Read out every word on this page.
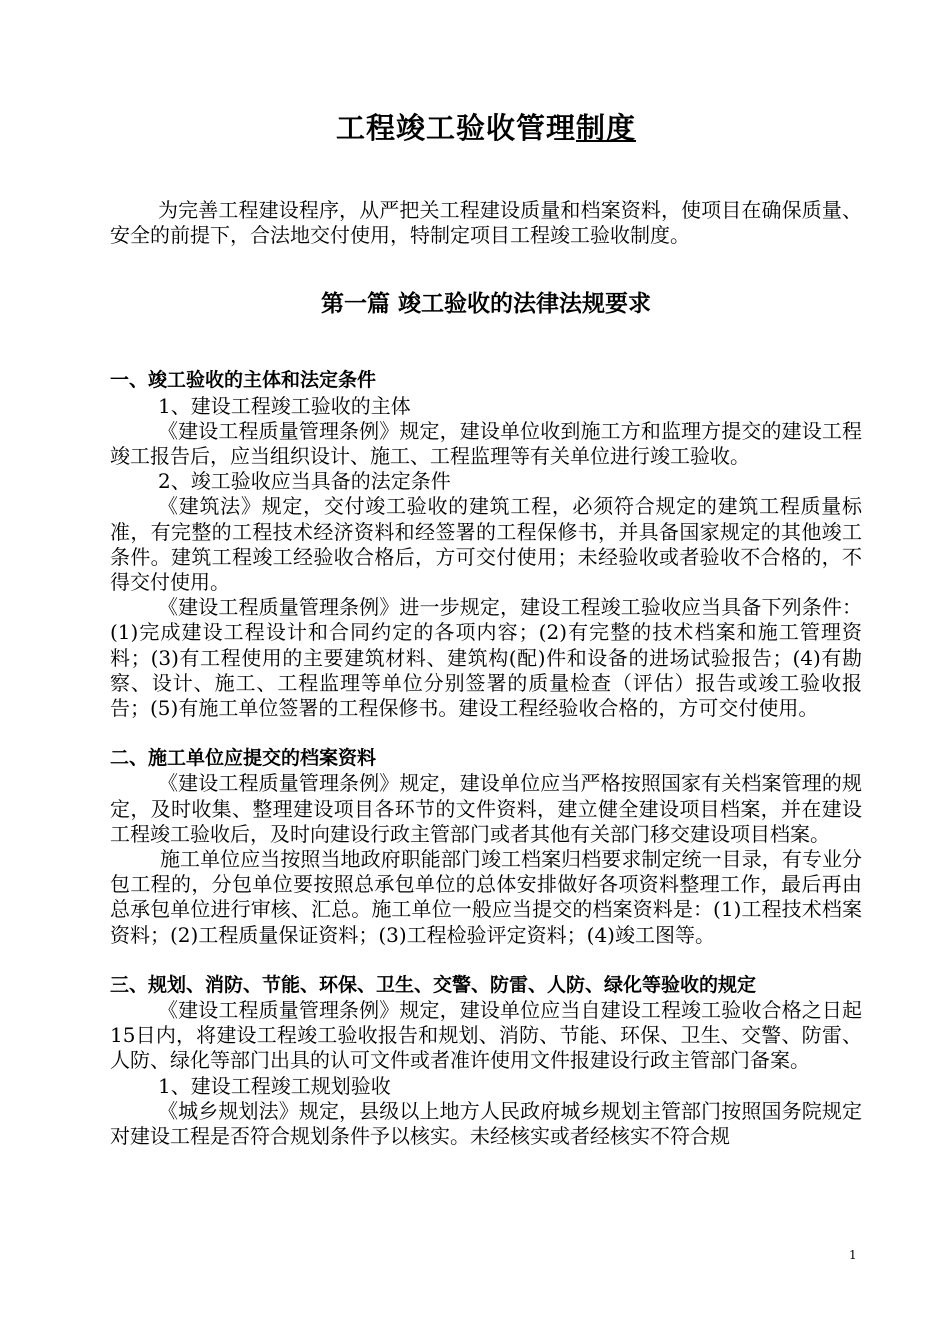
工程竣工验收管理制度

为完善工程建设程序，从严把关工程建设质量和档案资料，使项目在确保质量、安全的前提下，合法地交付使用，特制定项目工程竣工验收制度。

第一篇 竣工验收的法律法规要求
一、竣工验收的主体和法定条件

1、建设工程竣工验收的主体

《建设工程质量管理条例》规定，建设单位收到施工方和监理方提交的建设工程竣工报告后，应当组织设计、施工、工程监理等有关单位进行竣工验收。

2、竣工验收应当具备的法定条件

《建筑法》规定，交付竣工验收的建筑工程，必须符合规定的建筑工程质量标准，有完整的工程技术经济资料和经签署的工程保修书，并具备国家规定的其他竣工条件。建筑工程竣工经验收合格后，方可交付使用；未经验收或者验收不合格的，不得交付使用。

《建设工程质量管理条例》进一步规定，建设工程竣工验收应当具备下列条件：(1)完成建设工程设计和合同约定的各项内容；(2)有完整的技术档案和施工管理资料；(3)有工程使用的主要建筑材料、建筑构(配)件和设备的进场试验报告；(4)有勘察、设计、施工、工程监理等单位分别签署的质量检查（评估）报告或竣工验收报告；(5)有施工单位签署的工程保修书。建设工程经验收合格的，方可交付使用。

二、施工单位应提交的档案资料

《建设工程质量管理条例》规定，建设单位应当严格按照国家有关档案管理的规定，及时收集、整理建设项目各环节的文件资料，建立健全建设项目档案，并在建设工程竣工验收后，及时向建设行政主管部门或者其他有关部门移交建设项目档案。

施工单位应当按照当地政府职能部门竣工档案归档要求制定统一目录，有专业分包工程的，分包单位要按照总承包单位的总体安排做好各项资料整理工作，最后再由总承包单位进行审核、汇总。施工单位一般应当提交的档案资料是：(1)工程技术档案资料；(2)工程质量保证资料；(3)工程检验评定资料；(4)竣工图等。

三、规划、消防、节能、环保、卫生、交警、防雷、人防、绿化等验收的规定

《建设工程质量管理条例》规定，建设单位应当自建设工程竣工验收合格之日起15日内，将建设工程竣工验收报告和规划、消防、节能、环保、卫生、交警、防雷、人防、绿化等部门出具的认可文件或者准许使用文件报建设行政主管部门备案。

1、建设工程竣工规划验收

《城乡规划法》规定，县级以上地方人民政府城乡规划主管部门按照国务院规定对建设工程是否符合规划条件予以核实。未经核实或者经核实不符合规

1
